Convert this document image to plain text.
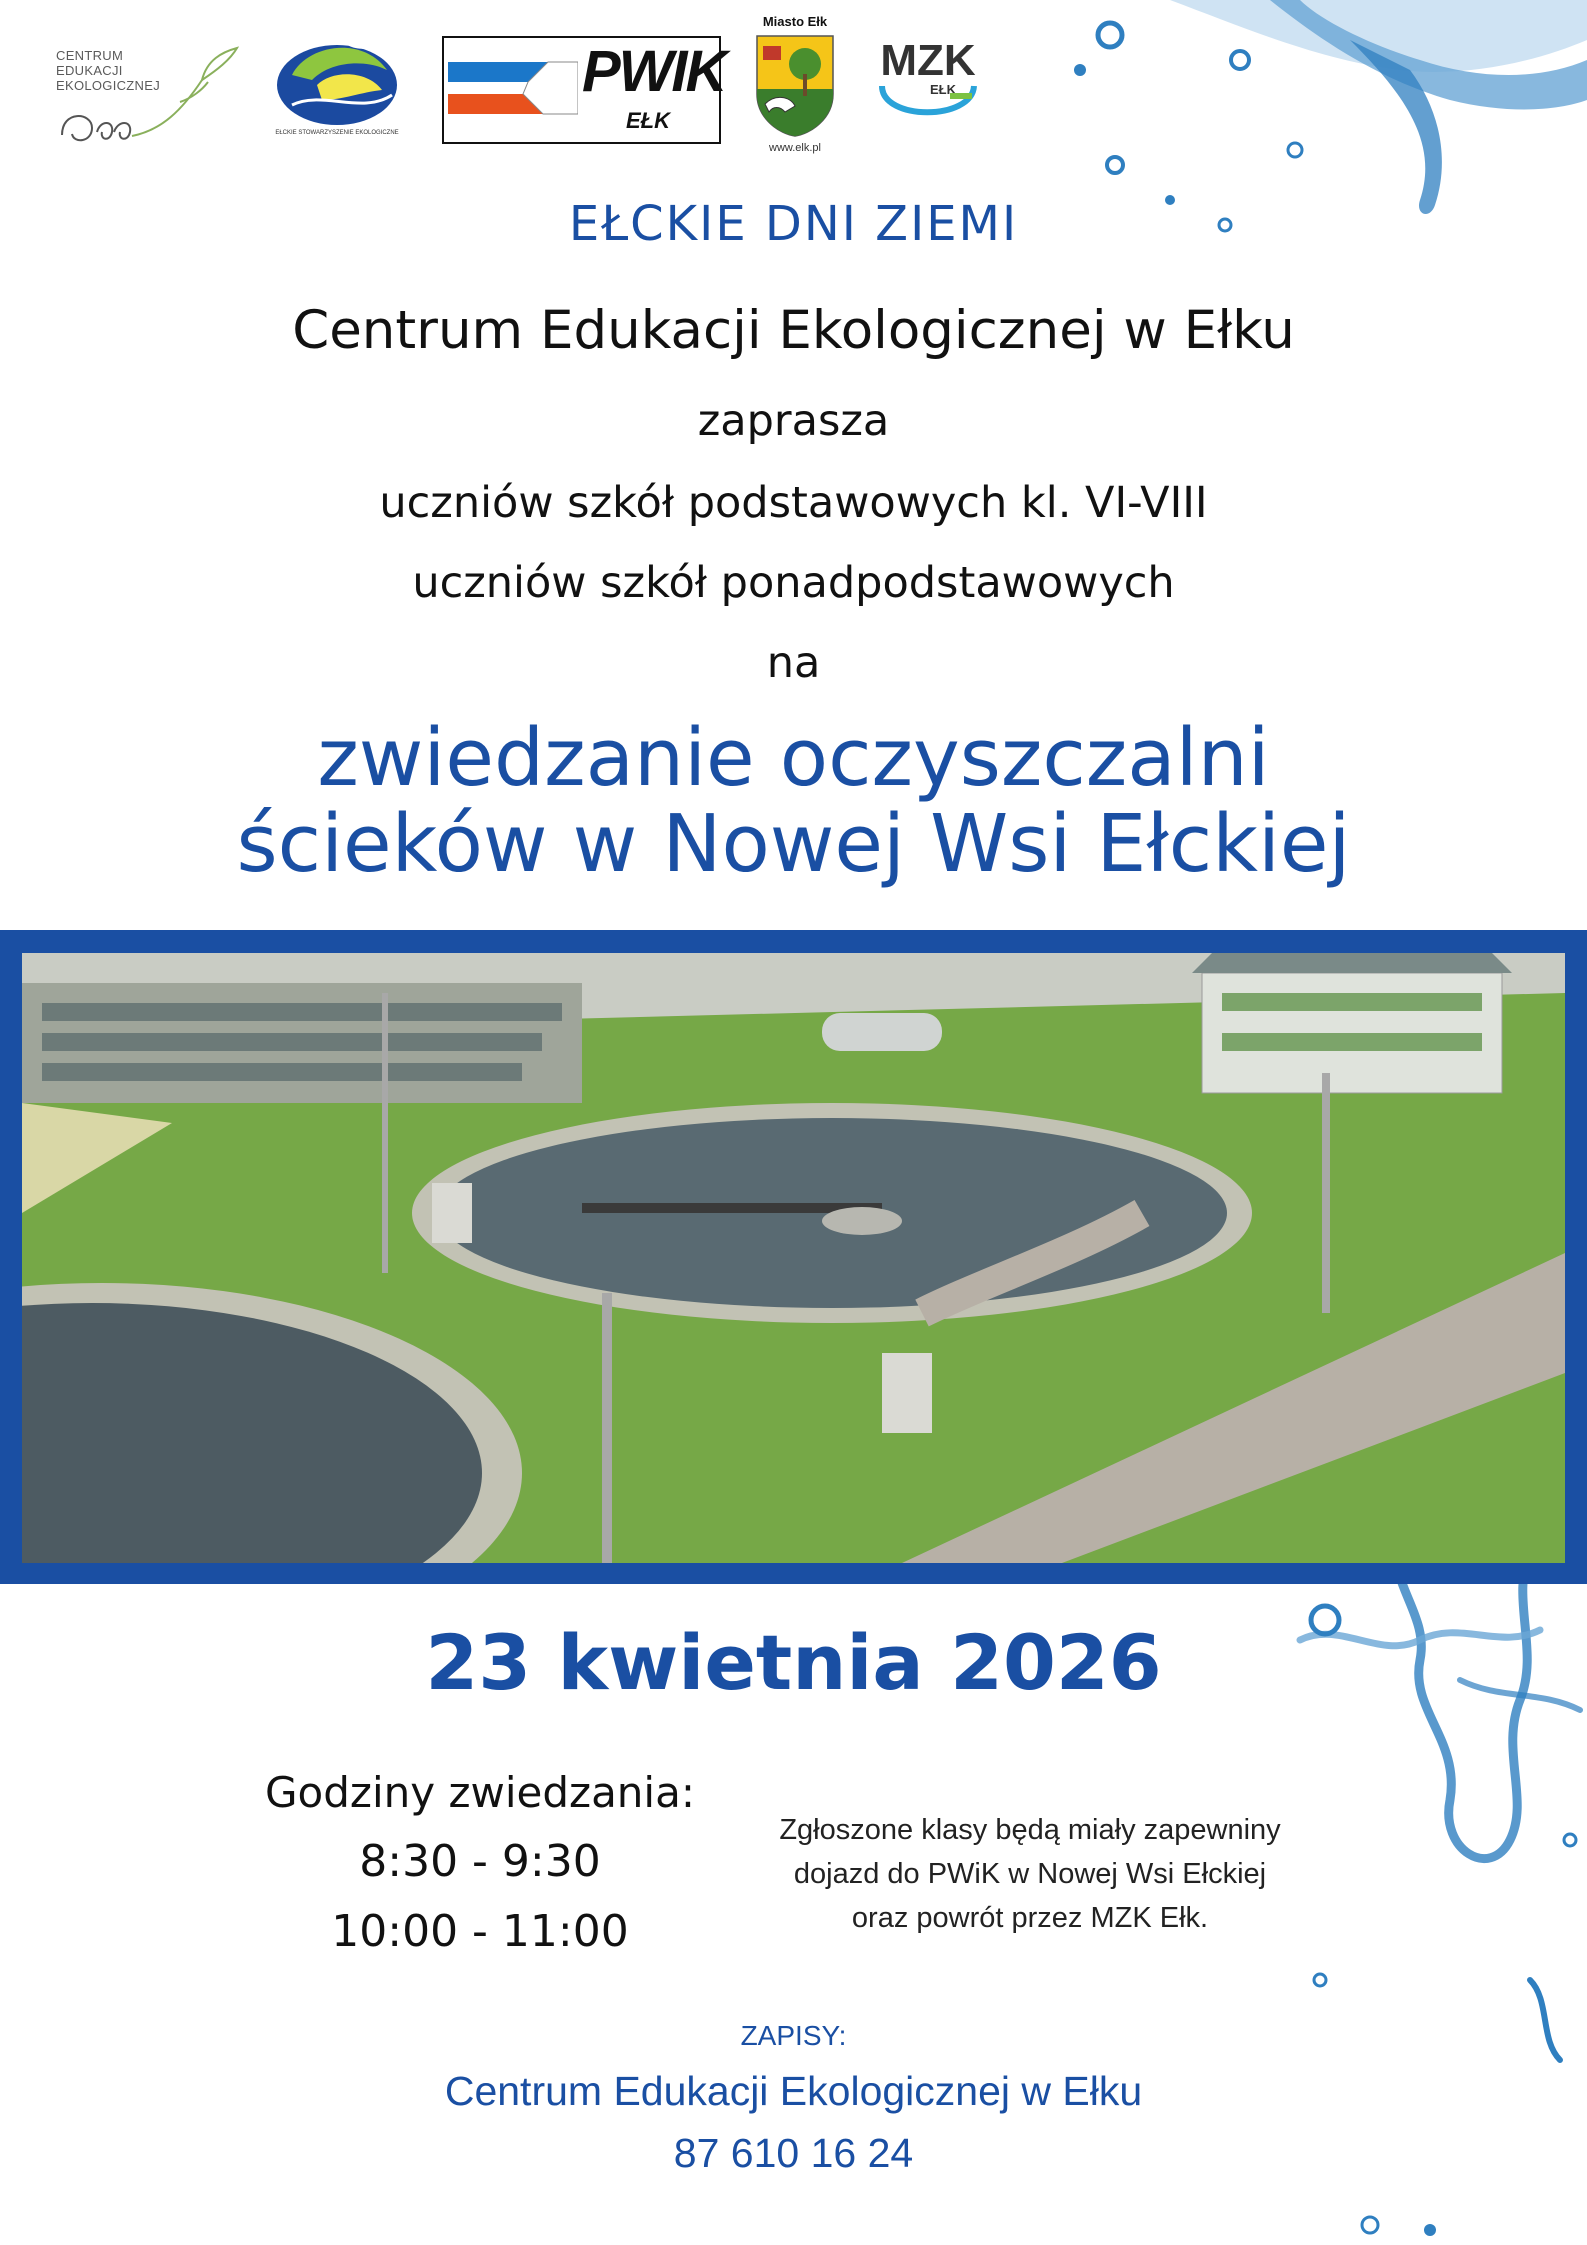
CENTRUM
EDUKACJI
EKOLOGICZNEJ
EŁCKIE STOWARZYSZENIE EKOLOGICZNE
PWIK
EŁK
Miasto Ełk
www.elk.pl
MZK
EŁK
EŁCKIE DNI ZIEMI
Centrum Edukacji Ekologicznej w Ełku
zaprasza
uczniów szkół podstawowych kl. VI-VIII
uczniów szkół ponadpodstawowych
na
zwiedzanie oczyszczalni
ścieków w Nowej Wsi Ełckiej
23 kwietnia 2026
Godziny zwiedzania:
8:30 - 9:30
10:00 - 11:00
Zgłoszone klasy będą miały zapewniny
dojazd do PWiK w Nowej Wsi Ełckiej
oraz powrót przez MZK Ełk.
ZAPISY:
Centrum Edukacji Ekologicznej w Ełku
87 610 16 24
